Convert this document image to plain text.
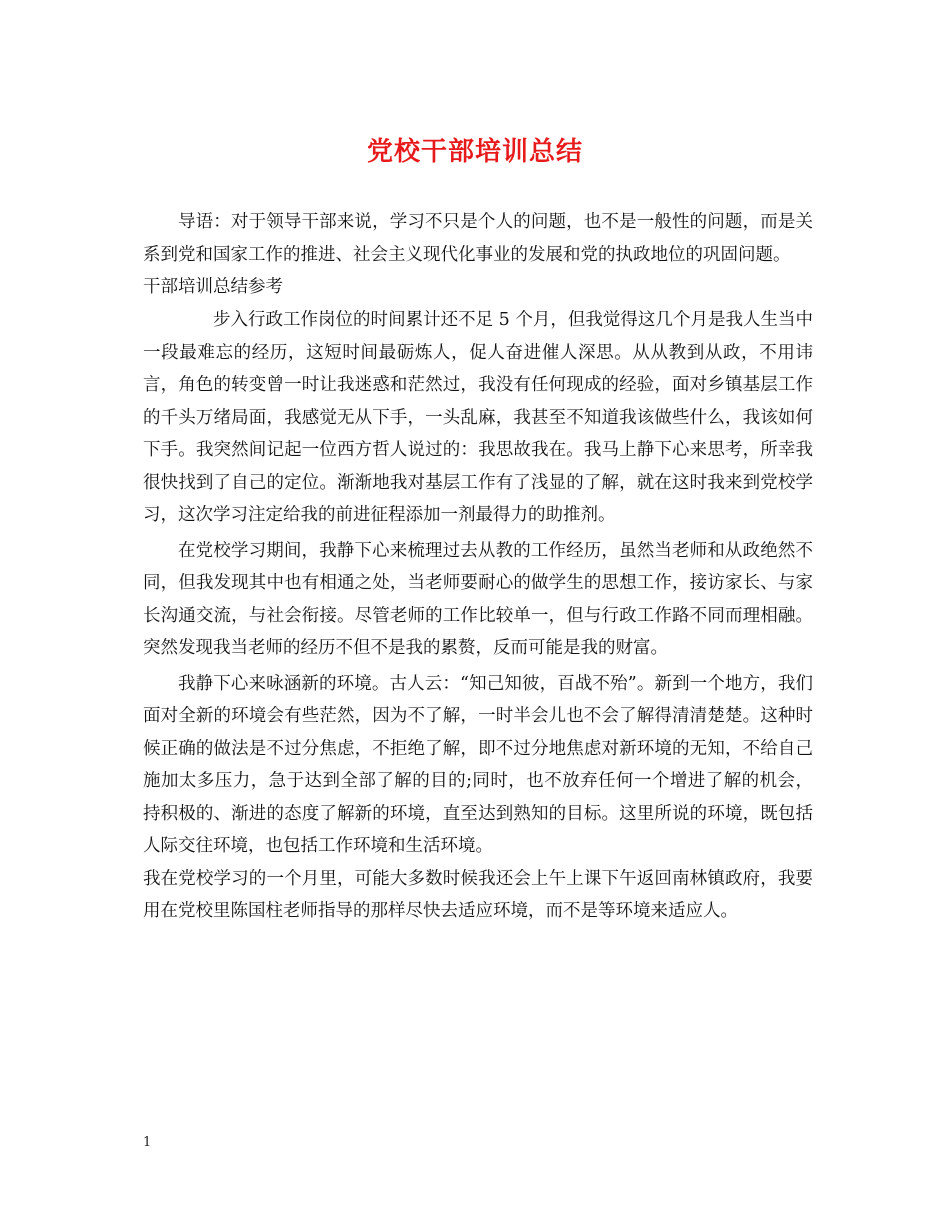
党校干部培训总结

导语：对于领导干部来说，学习不只是个人的问题，也不是一般性的问题，而是关系到党和国家工作的推进、社会主义现代化事业的发展和党的执政地位的巩固问题。

干部培训总结参考

步入行政工作岗位的时间累计还不足 5 个月，但我觉得这几个月是我人生当中一段最难忘的经历，这短时间最砺炼人，促人奋进催人深思。从从教到从政，不用讳言，角色的转变曾一时让我迷惑和茫然过，我没有任何现成的经验，面对乡镇基层工作的千头万绪局面，我感觉无从下手，一头乱麻，我甚至不知道我该做些什么，我该如何下手。我突然间记起一位西方哲人说过的：我思故我在。我马上静下心来思考，所幸我很快找到了自己的定位。渐渐地我对基层工作有了浅显的了解，就在这时我来到党校学习，这次学习注定给我的前进征程添加一剂最得力的助推剂。

在党校学习期间，我静下心来梳理过去从教的工作经历，虽然当老师和从政绝然不同，但我发现其中也有相通之处，当老师要耐心的做学生的思想工作，接访家长、与家长沟通交流，与社会衔接。尽管老师的工作比较单一，但与行政工作路不同而理相融。突然发现我当老师的经历不但不是我的累赘，反而可能是我的财富。

我静下心来咏涵新的环境。古人云：“知己知彼，百战不殆”。新到一个地方，我们面对全新的环境会有些茫然，因为不了解，一时半会儿也不会了解得清清楚楚。这种时候正确的做法是不过分焦虑，不拒绝了解，即不过分地焦虑对新环境的无知，不给自己施加太多压力，急于达到全部了解的目的;同时，也不放弃任何一个增进了解的机会，持积极的、渐进的态度了解新的环境，直至达到熟知的目标。这里所说的环境，既包括人际交往环境，也包括工作环境和生活环境。

我在党校学习的一个月里，可能大多数时候我还会上午上课下午返回南林镇政府，我要用在党校里陈国柱老师指导的那样尽快去适应环境，而不是等环境来适应人。

1
